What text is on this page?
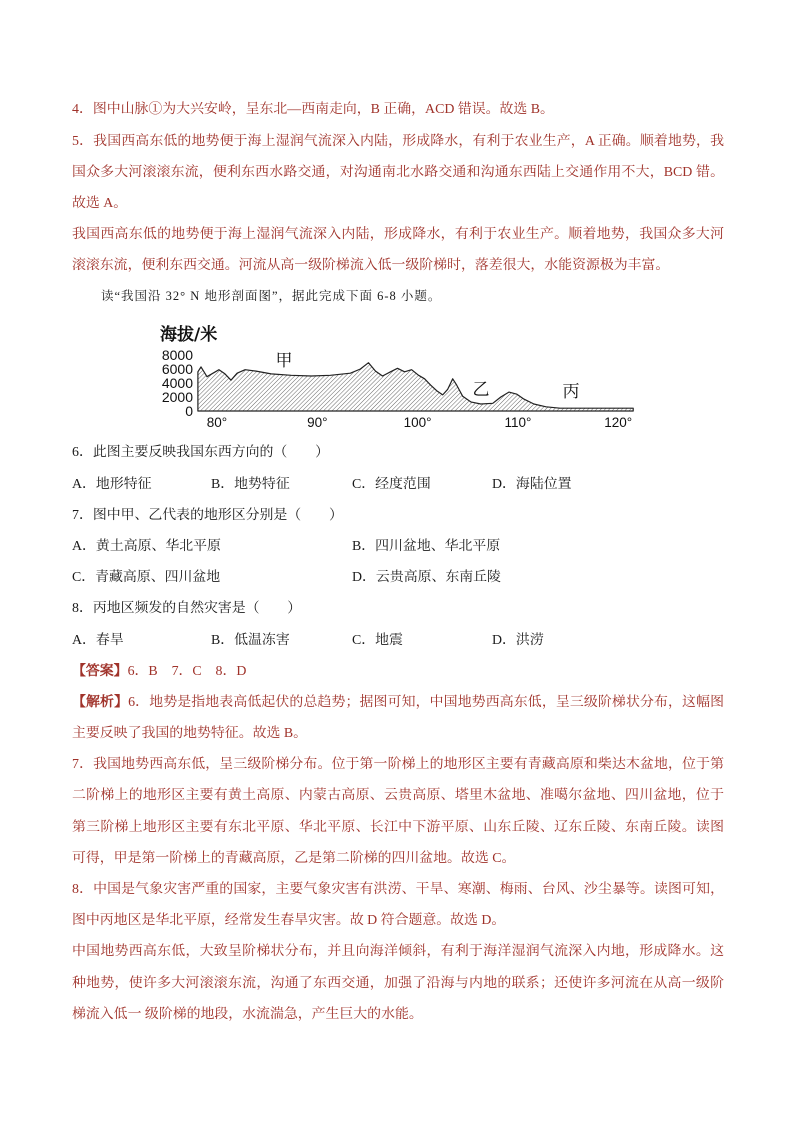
4．图中山脉①为大兴安岭，呈东北—西南走向，B 正确，ACD 错误。故选 B。
5．我国西高东低的地势便于海上湿润气流深入内陆，形成降水，有利于农业生产，A 正确。顺着地势，我
国众多大河滚滚东流，便利东西水路交通，对沟通南北水路交通和沟通东西陆上交通作用不大，BCD 错。
故选 A。
我国西高东低的地势便于海上湿润气流深入内陆，形成降水，有利于农业生产。顺着地势，我国众多大河
滚滚东流，便利东西交通。河流从高一级阶梯流入低一级阶梯时，落差很大，水能资源极为丰富。
读“我国沿 32° N 地形剖面图”，据此完成下面 6-8 小题。
海拔/米
8000
6000
4000
2000
0
80°	90°	100°	110°	120°
甲
乙	丙
6．此图主要反映我国东西方向的（　　）
A．地形特征	B．地势特征	C．经度范围	D．海陆位置
7．图中甲、乙代表的地形区分别是（　　）
A．黄土高原、华北平原	B．四川盆地、华北平原
C．青藏高原、四川盆地	D．云贵高原、东南丘陵
8．丙地区频发的自然灾害是（　　）
A．春旱	B．低温冻害	C．地震	D．洪涝
【答案】6．B　7．C　8．D
【解析】6．地势是指地表高低起伏的总趋势；据图可知，中国地势西高东低，呈三级阶梯状分布，这幅图
主要反映了我国的地势特征。故选 B。
7．我国地势西高东低，呈三级阶梯分布。位于第一阶梯上的地形区主要有青藏高原和柴达木盆地，位于第
二阶梯上的地形区主要有黄土高原、内蒙古高原、云贵高原、塔里木盆地、准噶尔盆地、四川盆地，位于
第三阶梯上地形区主要有东北平原、华北平原、长江中下游平原、山东丘陵、辽东丘陵、东南丘陵。读图
可得，甲是第一阶梯上的青藏高原，乙是第二阶梯的四川盆地。故选 C。
8．中国是气象灾害严重的国家，主要气象灾害有洪涝、干旱、寒潮、梅雨、台风、沙尘暴等。读图可知，
图中丙地区是华北平原，经常发生春旱灾害。故 D 符合题意。故选 D。
中国地势西高东低，大致呈阶梯状分布，并且向海洋倾斜，有利于海洋湿润气流深入内地，形成降水。这
种地势，使许多大河滚滚东流，沟通了东西交通，加强了沿海与内地的联系；还使许多河流在从高一级阶
梯流入低一 级阶梯的地段，水流湍急，产生巨大的水能。
